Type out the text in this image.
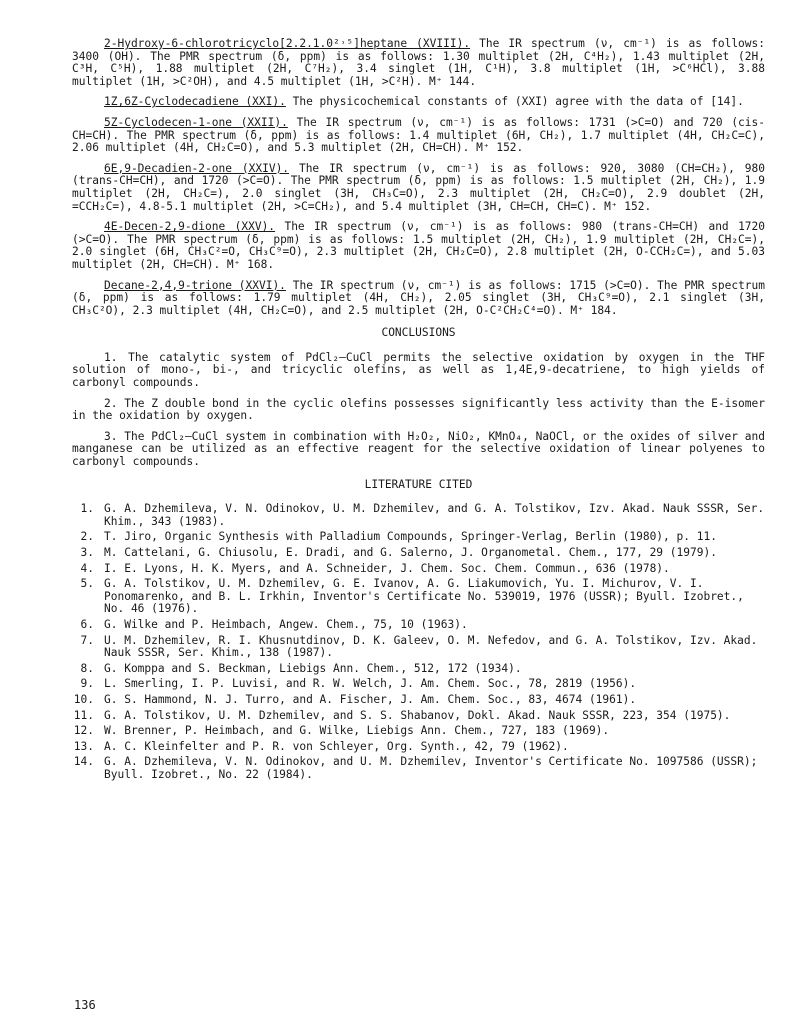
2-Hydroxy-6-chlorotricyclo[2.2.1.0²˒⁵]heptane (XVIII). The IR spectrum (ν, cm⁻¹) is as follows: 3400 (OH). The PMR spectrum (δ, ppm) is as follows: 1.30 multiplet (2H, C⁴H₂), 1.43 multiplet (2H, C³H, C⁵H), 1.88 multiplet (2H, C⁷H₂), 3.4 singlet (1H, C¹H), 3.8 multiplet (1H, >C⁶HCl), 3.88 multiplet (1H, >C²OH), and 4.5 multiplet (1H, >C²H). M⁺ 144.

1Z,6Z-Cyclodecadiene (XXI). The physicochemical constants of (XXI) agree with the data of [14].

5Z-Cyclodecen-1-one (XXII). The IR spectrum (ν, cm⁻¹) is as follows: 1731 (>C=O) and 720 (cis-CH=CH). The PMR spectrum (δ, ppm) is as follows: 1.4 multiplet (6H, CH₂), 1.7 multiplet (4H, CH₂C=C), 2.06 multiplet (4H, CH₂C=O), and 5.3 multiplet (2H, CH=CH). M⁺ 152.

6E,9-Decadien-2-one (XXIV). The IR spectrum (ν, cm⁻¹) is as follows: 920, 3080 (CH=CH₂), 980 (trans-CH=CH), and 1720 (>C=O). The PMR spectrum (δ, ppm) is as follows: 1.5 multiplet (2H, CH₂), 1.9 multiplet (2H, CH₂C=), 2.0 singlet (3H, CH₃C=O), 2.3 multiplet (2H, CH₂C=O), 2.9 doublet (2H, =CCH₂C=), 4.8-5.1 multiplet (2H, >C=CH₂), and 5.4 multiplet (3H, CH=CH, CH=C). M⁺ 152.

4E-Decen-2,9-dione (XXV). The IR spectrum (ν, cm⁻¹) is as follows: 980 (trans-CH=CH) and 1720 (>C=O). The PMR spectrum (δ, ppm) is as follows: 1.5 multiplet (2H, CH₂), 1.9 multiplet (2H, CH₂C=), 2.0 singlet (6H, CH₃C²=O, CH₃C⁹=O), 2.3 multiplet (2H, CH₂C=O), 2.8 multiplet (2H, O-CCH₂C=), and 5.03 multiplet (2H, CH=CH). M⁺ 168.

Decane-2,4,9-trione (XXVI). The IR spectrum (ν, cm⁻¹) is as follows: 1715 (>C=O). The PMR spectrum (δ, ppm) is as follows: 1.79 multiplet (4H, CH₂), 2.05 singlet (3H, CH₃C⁹=O), 2.1 singlet (3H, CH₃C²O), 2.3 multiplet (4H, CH₂C=O), and 2.5 multiplet (2H, O-C²CH₂C⁴=O). M⁺ 184.

CONCLUSIONS

1. The catalytic system of PdCl₂–CuCl permits the selective oxidation by oxygen in the THF solution of mono-, bi-, and tricyclic olefins, as well as 1,4E,9-decatriene, to high yields of carbonyl compounds.

2. The Z double bond in the cyclic olefins possesses significantly less activity than the E-isomer in the oxidation by oxygen.

3. The PdCl₂–CuCl system in combination with H₂O₂, NiO₂, KMnO₄, NaOCl, or the oxides of silver and manganese can be utilized as an effective reagent for the selective oxidation of linear polyenes to carbonyl compounds.

LITERATURE CITED
1. G. A. Dzhemileva, V. N. Odinokov, U. M. Dzhemilev, and G. A. Tolstikov, Izv. Akad. Nauk SSSR, Ser. Khim., 343 (1983).
2. T. Jiro, Organic Synthesis with Palladium Compounds, Springer-Verlag, Berlin (1980), p. 11.
3. M. Cattelani, G. Chiusolu, E. Dradi, and G. Salerno, J. Organometal. Chem., 177, 29 (1979).
4. I. E. Lyons, H. K. Myers, and A. Schneider, J. Chem. Soc. Chem. Commun., 636 (1978).
5. G. A. Tolstikov, U. M. Dzhemilev, G. E. Ivanov, A. G. Liakumovich, Yu. I. Michurov, V. I. Ponomarenko, and B. L. Irkhin, Inventor's Certificate No. 539019, 1976 (USSR); Byull. Izobret., No. 46 (1976).
6. G. Wilke and P. Heimbach, Angew. Chem., 75, 10 (1963).
7. U. M. Dzhemilev, R. I. Khusnutdinov, D. K. Galeev, O. M. Nefedov, and G. A. Tolstikov, Izv. Akad. Nauk SSSR, Ser. Khim., 138 (1987).
8. G. Komppa and S. Beckman, Liebigs Ann. Chem., 512, 172 (1934).
9. L. Smerling, I. P. Luvisi, and R. W. Welch, J. Am. Chem. Soc., 78, 2819 (1956).
10. G. S. Hammond, N. J. Turro, and A. Fischer, J. Am. Chem. Soc., 83, 4674 (1961).
11. G. A. Tolstikov, U. M. Dzhemilev, and S. S. Shabanov, Dokl. Akad. Nauk SSSR, 223, 354 (1975).
12. W. Brenner, P. Heimbach, and G. Wilke, Liebigs Ann. Chem., 727, 183 (1969).
13. A. C. Kleinfelter and P. R. von Schleyer, Org. Synth., 42, 79 (1962).
14. G. A. Dzhemileva, V. N. Odinokov, and U. M. Dzhemilev, Inventor's Certificate No. 1097586 (USSR); Byull. Izobret., No. 22 (1984).
136
